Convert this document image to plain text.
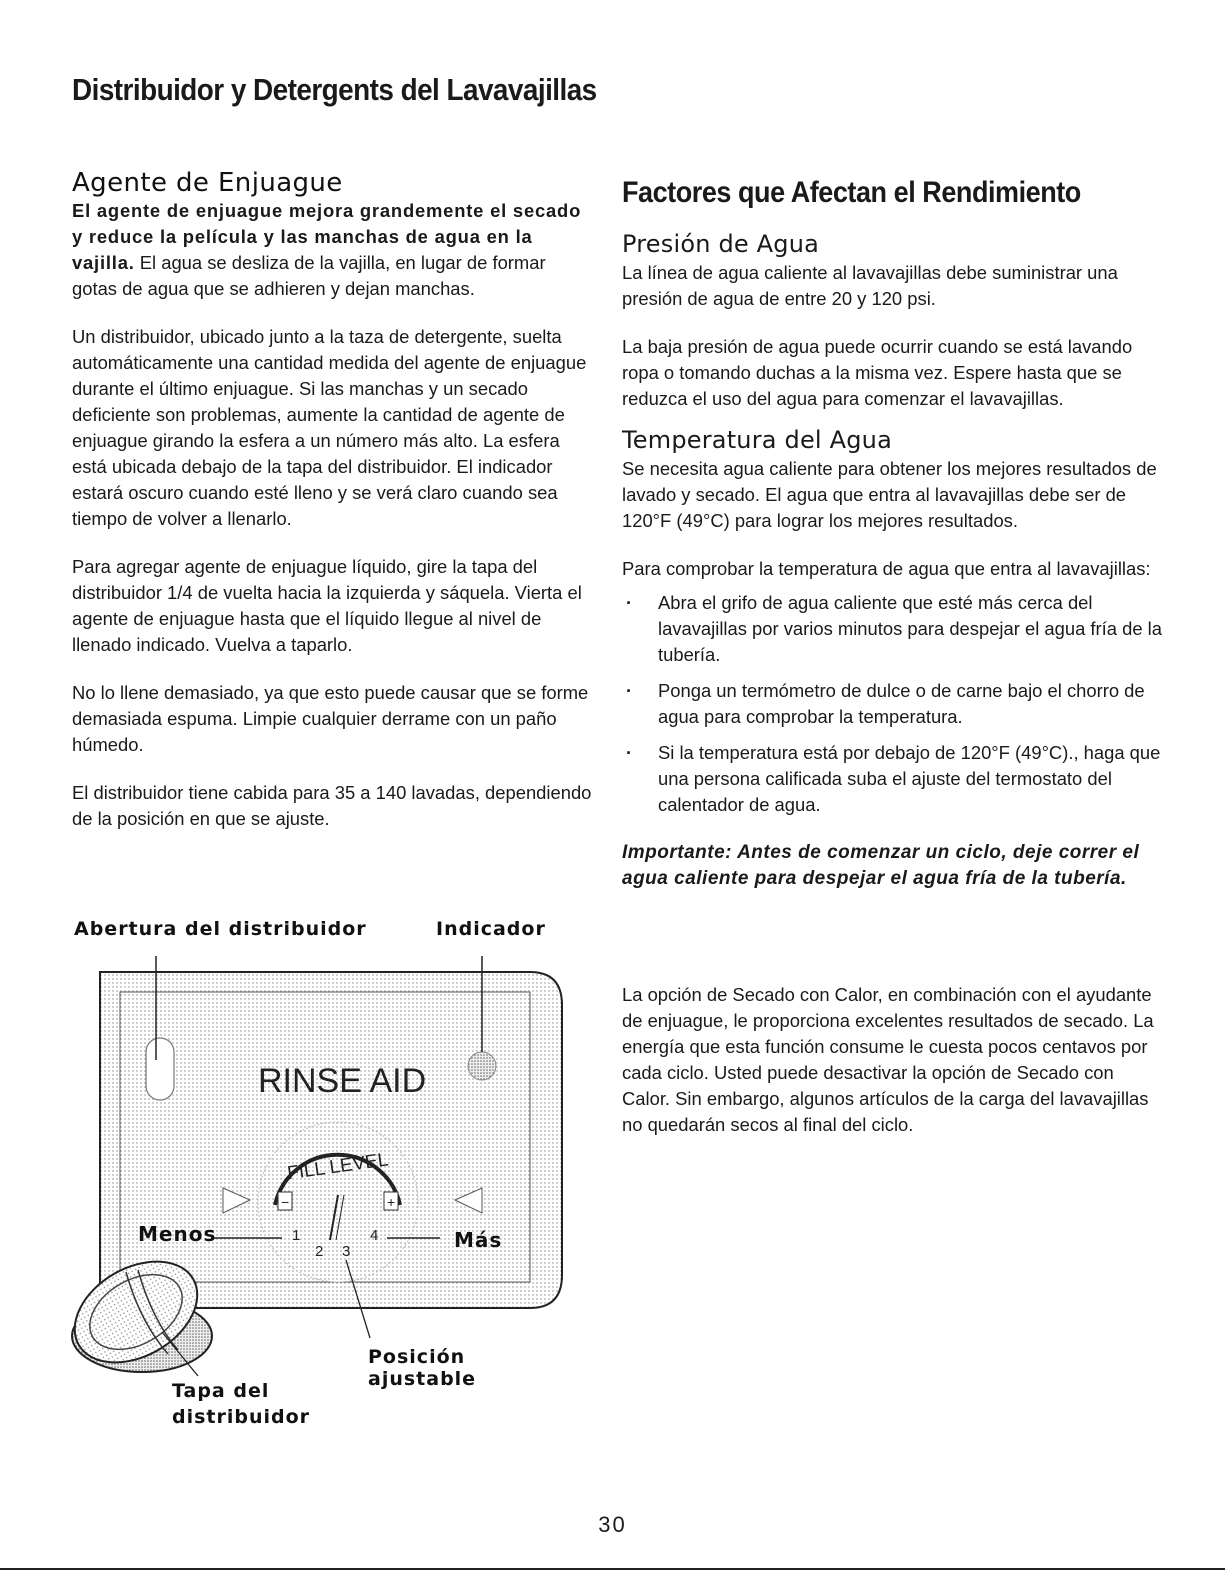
Distribuidor y Detergents del Lavavajillas
Agente de Enjuague

El agente de enjuague mejora grandemente el secado y reduce la película y las manchas de agua en la vajilla. El agua se desliza de la vajilla, en lugar de formar gotas de agua que se adhieren y dejan manchas.

Un distribuidor, ubicado junto a la taza de detergente, suelta automáticamente una cantidad medida del agente de enjuague durante el último enjuague. Si las manchas y un secado deficiente son problemas, aumente la cantidad de agente de enjuague girando la esfera a un número más alto. La esfera está ubicada debajo de la tapa del distribuidor. El indicador estará oscuro cuando esté lleno y se verá claro cuando sea tiempo de volver a llenarlo.

Para agregar agente de enjuague líquido, gire la tapa del distribuidor 1/4 de vuelta hacia la izquierda y sáquela. Vierta el agente de enjuague hasta que el líquido llegue al nivel de llenado indicado. Vuelva a taparlo.

No lo llene demasiado, ya que esto puede causar que se forme demasiada espuma. Limpie cualquier derrame con un paño húmedo.

El distribuidor tiene cabida para 35 a 140 lavadas, dependiendo de la posición en que se ajuste.

Abertura del distribuidor	Indicador
RINSE AID
FILL LEVEL
−	+
1
2 3
4
Menos	Más
Posición ajustable
Tapa del
distribuidor
Factores que Afectan el Rendimiento
Presión de Agua

La línea de agua caliente al lavavajillas debe suministrar una presión de agua de entre 20 y 120 psi.

La baja presión de agua puede ocurrir cuando se está lavando ropa o tomando duchas a la misma vez. Espere hasta que se reduzca el uso del agua para comenzar el lavavajillas.

Temperatura del Agua

Se necesita agua caliente para obtener los mejores resultados de lavado y secado. El agua que entra al lavavajillas debe ser de 120°F (49°C) para lograr los mejores resultados.

Para comprobar la temperatura de agua que entra al lavavajillas:

· Abra el grifo de agua caliente que esté más cerca del lavavajillas por varios minutos para despejar el agua fría de la tubería.
· Ponga un termómetro de dulce o de carne bajo el chorro de agua para comprobar la temperatura.
· Si la temperatura está por debajo de 120°F (49°C)., haga que una persona calificada suba el ajuste del termostato del calentador de agua.

Importante: Antes de comenzar un ciclo, deje correr el agua caliente para despejar el agua fría de la tubería.

La opción de Secado con Calor, en combinación con el ayudante de enjuague, le proporciona excelentes resultados de secado. La energía que esta función consume le cuesta pocos centavos por cada ciclo. Usted puede desactivar la opción de Secado con Calor. Sin embargo, algunos artículos de la carga del lavavajillas no quedarán secos al final del ciclo.

30
